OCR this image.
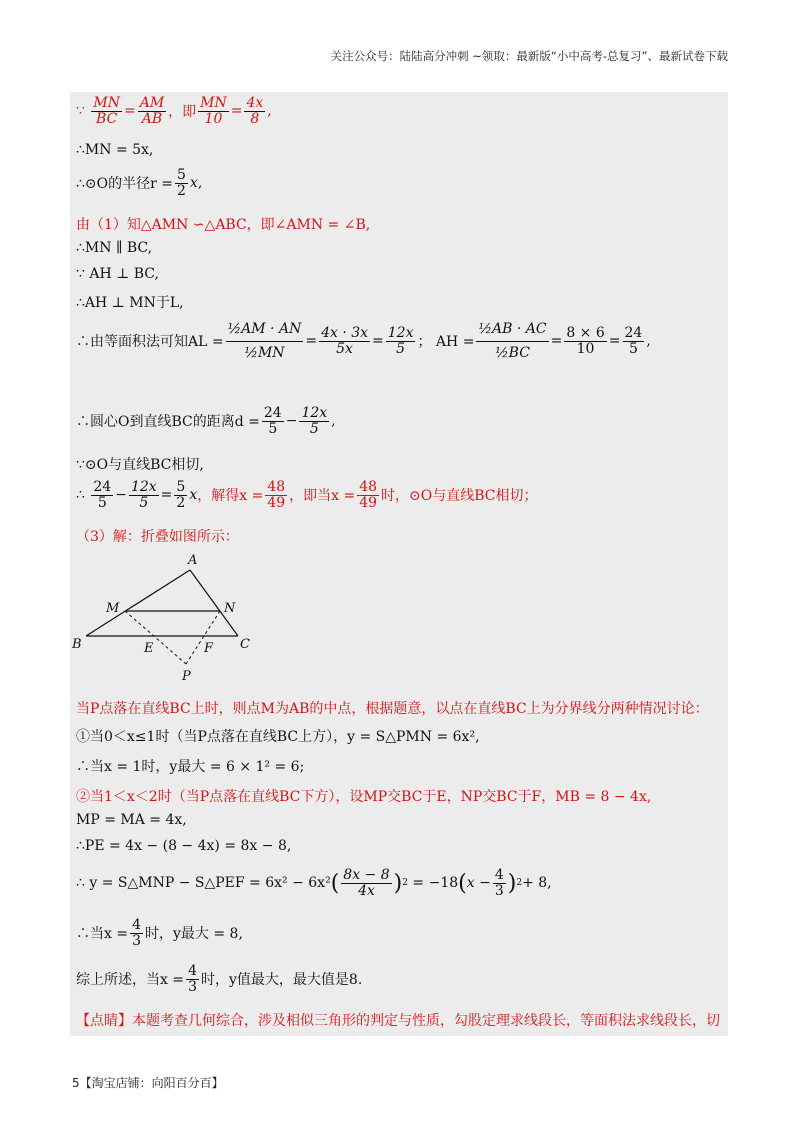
关注公众号：陆陆高分冲刺 ~领取：最新版“小中高考-总复习”、最新试卷下载
∵
$\frac{MN}{BC} = \frac{AM}{AB}$ ，即 $\frac{MN}{10} = \frac{4x}{8}$ ,
∴MN = 5x,
∴⊙O的半径$r = \frac{5}{2}$ x ,
由（1）知△AMN ∽△ABC，即∠AMN = ∠B,
∴MN ∥ BC,
∵ AH ⊥ BC,
∴AH ⊥ MN于L,
∴由等面积法可知AL = $\frac{\text{½AM · AN}}{\text{½MN}} = \frac{4x \cdot 3x}{5x} = \frac{12x}{5}$ ； AH = $\frac{\text{½AB · AC}}{\text{½BC}} = \frac{8 \times 6}{10} = \frac{24}{5}$ ,
∴圆心O到直线BC的距离$d = \frac{24}{5} - \frac{12x}{5}$ ,
∵⊙O与直线BC相切,
∴
$\frac{24}{5} - \frac{12x}{5} = \frac{5}{2}$ x ，解得$x = \frac{48}{49}$ ，即当$x = \frac{48}{49}$ 时，⊙O与直线BC相切；
（3）解：折叠如图所示：
A
M	N
B	E	F C
P
当P点落在直线BC上时，则点M为AB的中点，根据题意，以点在直线BC上为分界线分两种情况讨论：
①当0＜x≤1时（当P点落在直线BC上方），y = S△PMN = 6x²,
∴当x = 1时，y最大 = 6 × 1² = 6;
②当1＜x＜2时（当P点落在直线BC下方），设MP交BC于E，NP交BC于F，MB = 8 − 4x,
MP = MA = 4x,
∴PE = 4x − (8 − 4x) = 8x − 8,
∴ y = S△MNP − S△PEF = 6x² − 6x² ( $\frac{8x - 8}{4x}$ ) 2
= −18 ( $x - \frac{4}{3}$ ) 2 + 8,
∴当$x = \frac{4}{3}$ 时，y最大 = 8,
综上所述，当$x = \frac{4}{3}$ 时，y值最大，最大值是8.
【点睛】本题考查几何综合，涉及相似三角形的判定与性质，勾股定理求线段长，等面积法求线段长，切
5【淘宝店铺：向阳百分百】
